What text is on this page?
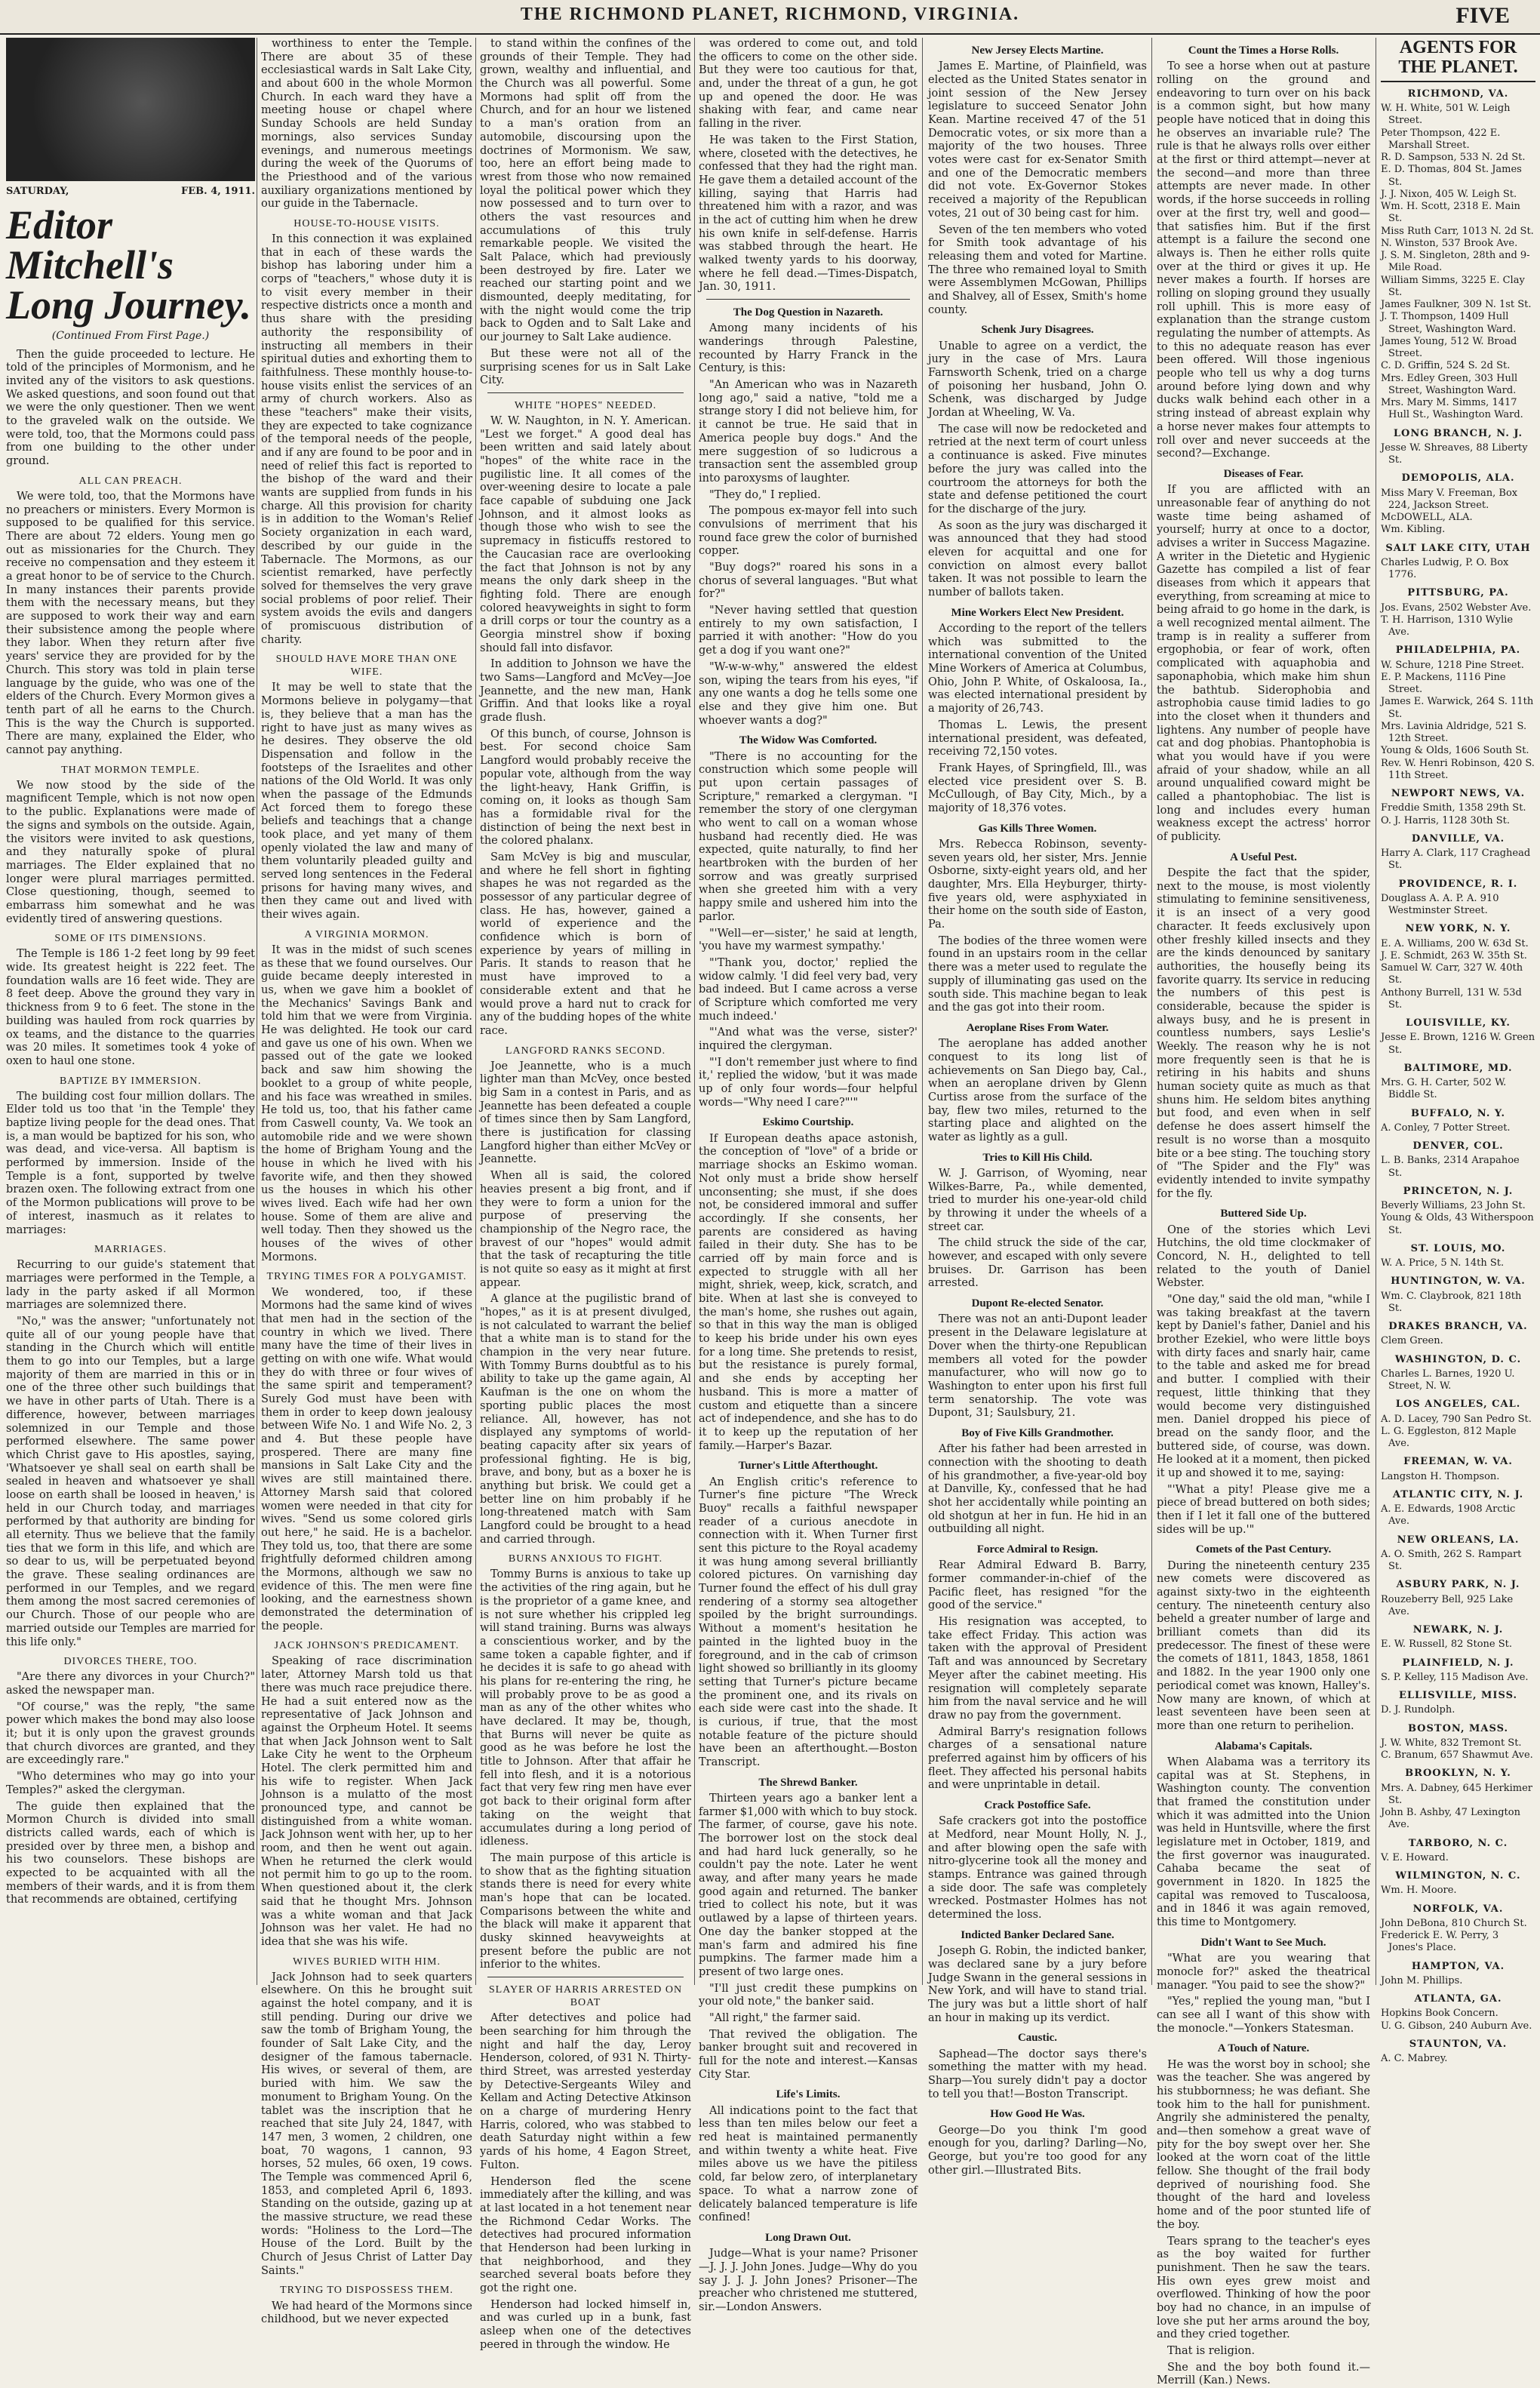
THE RICHMOND PLANET, RICHMOND, VIRGINIA.	FIVE
SATURDAY,	FEB. 4, 1911.
Editor Mitchell's Long Journey.
(Continued From First Page.)

Then the guide proceeded to lecture. He told of the principles of Mormonism, and he invited any of the visitors to ask questions. We asked questions, and soon found out that we were the only questioner. Then we went to the graveled walk on the outside. We were told, too, that the Mormons could pass from one building to the other under ground.

ALL CAN PREACH.

We were told, too, that the Mormons have no preachers or ministers. Every Mormon is supposed to be qualified for this service. There are about 72 elders. Young men go out as missionaries for the Church. They receive no compensation and they esteem it a great honor to be of service to the Church. In many instances their parents provide them with the necessary means, but they are supposed to work their way and earn their subsistence among the people where they labor. When they return after five years' service they are provided for by the Church. This story was told in plain terse language by the guide, who was one of the elders of the Church. Every Mormon gives a tenth part of all he earns to the Church. This is the way the Church is supported. There are many, explained the Elder, who cannot pay anything.

THAT MORMON TEMPLE.

We now stood by the side of the magnificent Temple, which is not now open to the public. Explanations were made of the signs and symbols on the outside. Again, the visitors were invited to ask questions, and they naturally spoke of plural marriages. The Elder explained that no longer were plural marriages permitted. Close questioning, though, seemed to embarrass him somewhat and he was evidently tired of answering questions.

SOME OF ITS DIMENSIONS.

The Temple is 186 1-2 feet long by 99 feet wide. Its greatest height is 222 feet. The foundation walls are 16 feet wide. They are 8 feet deep. Above the ground they vary in thickness from 9 to 6 feet. The stone in the building was hauled from rock quarries by ox teams, and the distance to the quarries was 20 miles. It sometimes took 4 yoke of oxen to haul one stone.

BAPTIZE BY IMMERSION.

The building cost four million dollars. The Elder told us too that 'in the Temple' they baptize living people for the dead ones. That is, a man would be baptized for his son, who was dead, and vice-versa. All baptism is performed by immersion. Inside of the Temple is a font, supported by twelve brazen oxen. The following extract from one of the Mormon publications will prove to be of interest, inasmuch as it relates to marriages:

MARRIAGES.

Recurring to our guide's statement that marriages were performed in the Temple, a lady in the party asked if all Mormon marriages are solemnized there.

"No," was the answer; "unfortunately not quite all of our young people have that standing in the Church which will entitle them to go into our Temples, but a large majority of them are married in this or in one of the three other such buildings that we have in other parts of Utah. There is a difference, however, between marriages solemnized in our Temple and those performed elsewhere. The same power which Christ gave to His apostles, saying, 'Whatsoever ye shall seal on earth shall be sealed in heaven and whatsoever ye shall loose on earth shall be loosed in heaven,' is held in our Church today, and marriages performed by that authority are binding for all eternity. Thus we believe that the family ties that we form in this life, and which are so dear to us, will be perpetuated beyond the grave. These sealing ordinances are performed in our Temples, and we regard them among the most sacred ceremonies of our Church. Those of our people who are married outside our Temples are married for this life only."

DIVORCES THERE, TOO.

"Are there any divorces in your Church?" asked the newspaper man.

"Of course," was the reply, "the same power which makes the bond may also loose it; but it is only upon the gravest grounds that church divorces are granted, and they are exceedingly rare."

"Who determines who may go into your Temples?" asked the clergyman.

The guide then explained that the Mormon Church is divided into small districts called wards, each of which is presided over by three men, a bishop and his two counselors. These bishops are expected to be acquainted with all the members of their wards, and it is from them that recommends are obtained, certifying

worthiness to enter the Temple. There are about 35 of these ecclesiastical wards in Salt Lake City, and about 600 in the whole Mormon Church. In each ward they have a meeting house or chapel where Sunday Schools are held Sunday mornings, also services Sunday evenings, and numerous meetings during the week of the Quorums of the Priesthood and of the various auxiliary organizations mentioned by our guide in the Tabernacle.

HOUSE-TO-HOUSE VISITS.

In this connection it was explained that in each of these wards the bishop has laboring under him a corps of "teachers," whose duty it is to visit every member in their respective districts once a month and thus share with the presiding authority the responsibility of instructing all members in their spiritual duties and exhorting them to faithfulness. These monthly house-to-house visits enlist the services of an army of church workers. Also as these "teachers" make their visits, they are expected to take cognizance of the temporal needs of the people, and if any are found to be poor and in need of relief this fact is reported to the bishop of the ward and their wants are supplied from funds in his charge. All this provision for charity is in addition to the Woman's Relief Society organization in each ward, described by our guide in the Tabernacle. The Mormons, as our scientist remarked, have perfectly solved for themselves the very grave social problems of poor relief. Their system avoids the evils and dangers of promiscuous distribution of charity.

SHOULD HAVE MORE THAN ONE WIFE.

It may be well to state that the Mormons believe in polygamy—that is, they believe that a man has the right to have just as many wives as he desires. They observe the old Dispensation and follow in the footsteps of the Israelites and other nations of the Old World. It was only when the passage of the Edmunds Act forced them to forego these beliefs and teachings that a change took place, and yet many of them openly violated the law and many of them voluntarily pleaded guilty and served long sentences in the Federal prisons for having many wives, and then they came out and lived with their wives again.

A VIRGINIA MORMON.

It was in the midst of such scenes as these that we found ourselves. Our guide became deeply interested in us, when we gave him a booklet of the Mechanics' Savings Bank and told him that we were from Virginia. He was delighted. He took our card and gave us one of his own. When we passed out of the gate we looked back and saw him showing the booklet to a group of white people, and his face was wreathed in smiles. He told us, too, that his father came from Caswell county, Va. We took an automobile ride and we were shown the home of Brigham Young and the house in which he lived with his favorite wife, and then they showed us the houses in which his other wives lived. Each wife had her own house. Some of them are alive and well today. Then they showed us the houses of the wives of other Mormons.

TRYING TIMES FOR A POLYGAMIST.

We wondered, too, if these Mormons had the same kind of wives that men had in the section of the country in which we lived. There many have the time of their lives in getting on with one wife. What would they do with three or four wives of the same spirit and temperament? Surely God must have been with them in order to keep down jealousy between Wife No. 1 and Wife No. 2, 3 and 4. But these people have prospered. There are many fine mansions in Salt Lake City and the wives are still maintained there. Attorney Marsh said that colored women were needed in that city for wives. "Send us some colored girls out here," he said. He is a bachelor. They told us, too, that there are some frightfully deformed children among the Mormons, although we saw no evidence of this. The men were fine looking, and the earnestness shown demonstrated the determination of the people.

JACK JOHNSON'S PREDICAMENT.

Speaking of race discrimination later, Attorney Marsh told us that there was much race prejudice there. He had a suit entered now as the representative of Jack Johnson and against the Orpheum Hotel. It seems that when Jack Johnson went to Salt Lake City he went to the Orpheum Hotel. The clerk permitted him and his wife to register. When Jack Johnson is a mulatto of the most pronounced type, and cannot be distinguished from a white woman. Jack Johnson went with her, up to her room, and then he went out again. When he returned the clerk would not permit him to go up to the room. When questioned about it, the clerk said that he thought Mrs. Johnson was a white woman and that Jack Johnson was her valet. He had no idea that she was his wife.

WIVES BURIED WITH HIM.

Jack Johnson had to seek quarters elsewhere. On this he brought suit against the hotel company, and it is still pending. During our drive we saw the tomb of Brigham Young, the founder of Salt Lake City, and the designer of the famous tabernacle. His wives, or several of them, are buried with him. We saw the monument to Brigham Young. On the tablet was the inscription that he reached that site July 24, 1847, with 147 men, 3 women, 2 children, one boat, 70 wagons, 1 cannon, 93 horses, 52 mules, 66 oxen, 19 cows. The Temple was commenced April 6, 1853, and completed April 6, 1893. Standing on the outside, gazing up at the massive structure, we read these words: "Holiness to the Lord—The House of the Lord. Built by the Church of Jesus Christ of Latter Day Saints."

TRYING TO DISPOSSESS THEM.

We had heard of the Mormons since childhood, but we never expected

to stand within the confines of the grounds of their Temple. They had grown, wealthy and influential, and the Church was all powerful. Some Mormons had split off from the Church, and for an hour we listened to a man's oration from an automobile, discoursing upon the doctrines of Mormonism. We saw, too, here an effort being made to wrest from those who now remained loyal the political power which they now possessed and to turn over to others the vast resources and accumulations of this truly remarkable people. We visited the Salt Palace, which had previously been destroyed by fire. Later we reached our starting point and we dismounted, deeply meditating, for with the night would come the trip back to Ogden and to Salt Lake and our journey to Salt Lake audience.

But these were not all of the surprising scenes for us in Salt Lake City.

WHITE "HOPES" NEEDED.

W. W. Naughton, in N. Y. American. "Lest we forget." A good deal has been written and said lately about "hopes" of the white race in the pugilistic line. It all comes of the over-weening desire to locate a pale face capable of subduing one Jack Johnson, and it almost looks as though those who wish to see the supremacy in fisticuffs restored to the Caucasian race are overlooking the fact that Johnson is not by any means the only dark sheep in the fighting fold. There are enough colored heavyweights in sight to form a drill corps or tour the country as a Georgia minstrel show if boxing should fall into disfavor.

In addition to Johnson we have the two Sams—Langford and McVey—Joe Jeannette, and the new man, Hank Griffin. And that looks like a royal grade flush.

Of this bunch, of course, Johnson is best. For second choice Sam Langford would probably receive the popular vote, although from the way the light-heavy, Hank Griffin, is coming on, it looks as though Sam has a formidable rival for the distinction of being the next best in the colored phalanx.

Sam McVey is big and muscular, and where he fell short in fighting shapes he was not regarded as the possessor of any particular degree of class. He has, however, gained a world of experience and the confidence which is born of experience by years of milling in Paris. It stands to reason that he must have improved to a considerable extent and that he would prove a hard nut to crack for any of the budding hopes of the white race.

LANGFORD RANKS SECOND.

Joe Jeannette, who is a much lighter man than McVey, once bested big Sam in a contest in Paris, and as Jeannette has been defeated a couple of times since then by Sam Langford, there is justification for classing Langford higher than either McVey or Jeannette.

When all is said, the colored heavies present a big front, and if they were to form a union for the purpose of preserving the championship of the Negro race, the bravest of our "hopes" would admit that the task of recapturing the title is not quite so easy as it might at first appear.

A glance at the pugilistic brand of "hopes," as it is at present divulged, is not calculated to warrant the belief that a white man is to stand for the champion in the very near future. With Tommy Burns doubtful as to his ability to take up the game again, Al Kaufman is the one on whom the sporting public places the most reliance. All, however, has not displayed any symptoms of world-beating capacity after six years of professional fighting. He is big, brave, and bony, but as a boxer he is anything but brisk. We could get a better line on him probably if he long-threatened match with Sam Langford could be brought to a head and carried through.

BURNS ANXIOUS TO FIGHT.

Tommy Burns is anxious to take up the activities of the ring again, but he is the proprietor of a game knee, and is not sure whether his crippled leg will stand training. Burns was always a conscientious worker, and by the same token a capable fighter, and if he decides it is safe to go ahead with his plans for re-entering the ring, he will probably prove to be as good a man as any of the other whites who have declared. It may be, though, that Burns will never be quite as good as he was before he lost the title to Johnson. After that affair he fell into flesh, and it is a notorious fact that very few ring men have ever got back to their original form after taking on the weight that accumulates during a long period of idleness.

The main purpose of this article is to show that as the fighting situation stands there is need for every white man's hope that can be located. Comparisons between the white and the black will make it apparent that dusky skinned heavyweights at present before the public are not inferior to the whites.

SLAYER OF HARRIS ARRESTED ON BOAT

After detectives and police had been searching for him through the night and half the day, Leroy Henderson, colored, of 931 N. Thirty-third Street, was arrested yesterday by Detective-Sergeants Wiley and Kellam and Acting Detective Atkinson on a charge of murdering Henry Harris, colored, who was stabbed to death Saturday night within a few yards of his home, 4 Eagon Street, Fulton.

Henderson fled the scene immediately after the killing, and was at last located in a hot tenement near the Richmond Cedar Works. The detectives had procured information that Henderson had been lurking in that neighborhood, and they searched several boats before they got the right one.

Henderson had locked himself in, and was curled up in a bunk, fast asleep when one of the detectives peered in through the window. He

was ordered to come out, and told the officers to come on the other side. But they were too cautious for that, and, under the threat of a gun, he got up and opened the door. He was shaking with fear, and came near falling in the river.

He was taken to the First Station, where, closeted with the detectives, he confessed that they had the right man. He gave them a detailed account of the killing, saying that Harris had threatened him with a razor, and was in the act of cutting him when he drew his own knife in self-defense. Harris was stabbed through the heart. He walked twenty yards to his doorway, where he fell dead.—Times-Dispatch, Jan. 30, 1911.

The Dog Question in Nazareth.

Among many incidents of his wanderings through Palestine, recounted by Harry Franck in the Century, is this:

"An American who was in Nazareth long ago," said a native, "told me a strange story I did not believe him, for it cannot be true. He said that in America people buy dogs." And the mere suggestion of so ludicrous a transaction sent the assembled group into paroxysms of laughter.

"They do," I replied.

The pompous ex-mayor fell into such convulsions of merriment that his round face grew the color of burnished copper.

"Buy dogs?" roared his sons in a chorus of several languages. "But what for?"

"Never having settled that question entirely to my own satisfaction, I parried it with another: "How do you get a dog if you want one?"

"W-w-w-why," answered the eldest son, wiping the tears from his eyes, "if any one wants a dog he tells some one else and they give him one. But whoever wants a dog?"

The Widow Was Comforted.

"There is no accounting for the construction which some people will put upon certain passages of Scripture," remarked a clergyman. "I remember the story of one clergyman who went to call on a woman whose husband had recently died. He was expected, quite naturally, to find her heartbroken with the burden of her sorrow and was greatly surprised when she greeted him with a very happy smile and ushered him into the parlor.

"'Well—er—sister,' he said at length, 'you have my warmest sympathy.'

"'Thank you, doctor,' replied the widow calmly. 'I did feel very bad, very bad indeed. But I came across a verse of Scripture which comforted me very much indeed.'

"'And what was the verse, sister?' inquired the clergyman.

"'I don't remember just where to find it,' replied the widow, 'but it was made up of only four words—four helpful words—"Why need I care?"'"

Eskimo Courtship.

If European deaths apace astonish, the conception of "love" of a bride or marriage shocks an Eskimo woman. Not only must a bride show herself unconsenting; she must, if she does not, be considered immoral and suffer accordingly. If she consents, her parents are considered as having failed in their duty. She has to be carried off by main force and is expected to struggle with all her might, shriek, weep, kick, scratch, and bite. When at last she is conveyed to the man's home, she rushes out again, so that in this way the man is obliged to keep his bride under his own eyes for a long time. She pretends to resist, but the resistance is purely formal, and she ends by accepting her husband. This is more a matter of custom and etiquette than a sincere act of independence, and she has to do it to keep up the reputation of her family.—Harper's Bazar.

Turner's Little Afterthought.

An English critic's reference to Turner's fine picture "The Wreck Buoy" recalls a faithful newspaper reader of a curious anecdote in connection with it. When Turner first sent this picture to the Royal academy it was hung among several brilliantly colored pictures. On varnishing day Turner found the effect of his dull gray rendering of a stormy sea altogether spoiled by the bright surroundings. Without a moment's hesitation he painted in the lighted buoy in the foreground, and in the cab of crimson light showed so brilliantly in its gloomy setting that Turner's picture became the prominent one, and its rivals on each side were cast into the shade. It is curious, if true, that the most notable feature of the picture should have been an afterthought.—Boston Transcript.

The Shrewd Banker.

Thirteen years ago a banker lent a farmer $1,000 with which to buy stock. The farmer, of course, gave his note. The borrower lost on the stock deal and had hard luck generally, so he couldn't pay the note. Later he went away, and after many years he made good again and returned. The banker tried to collect his note, but it was outlawed by a lapse of thirteen years. One day the banker stopped at the man's farm and admired his fine pumpkins. The farmer made him a present of two large ones.

"I'll just credit these pumpkins on your old note," the banker said.

"All right," the farmer said.

That revived the obligation. The banker brought suit and recovered in full for the note and interest.—Kansas City Star.

Life's Limits.

All indications point to the fact that less than ten miles below our feet a red heat is maintained permanently and within twenty a white heat. Five miles above us we have the pitiless cold, far below zero, of interplanetary space. To what a narrow zone of delicately balanced temperature is life confined!

Long Drawn Out.

Judge—What is your name? Prisoner—J. J. J. John Jones. Judge—Why do you say J. J. J. John Jones? Prisoner—The preacher who christened me stuttered, sir.—London Answers.

New Jersey Elects Martine.

James E. Martine, of Plainfield, was elected as the United States senator in joint session of the New Jersey legislature to succeed Senator John Kean. Martine received 47 of the 51 Democratic votes, or six more than a majority of the two houses. Three votes were cast for ex-Senator Smith and one of the Democratic members did not vote. Ex-Governor Stokes received a majority of the Republican votes, 21 out of 30 being cast for him.

Seven of the ten members who voted for Smith took advantage of his releasing them and voted for Martine. The three who remained loyal to Smith were Assemblymen McGowan, Phillips and Shalvey, all of Essex, Smith's home county.

Schenk Jury Disagrees.

Unable to agree on a verdict, the jury in the case of Mrs. Laura Farnsworth Schenk, tried on a charge of poisoning her husband, John O. Schenk, was discharged by Judge Jordan at Wheeling, W. Va.

The case will now be redocketed and retried at the next term of court unless a continuance is asked. Five minutes before the jury was called into the courtroom the attorneys for both the state and defense petitioned the court for the discharge of the jury.

As soon as the jury was discharged it was announced that they had stood eleven for acquittal and one for conviction on almost every ballot taken. It was not possible to learn the number of ballots taken.

Mine Workers Elect New President.

According to the report of the tellers which was submitted to the international convention of the United Mine Workers of America at Columbus, Ohio, John P. White, of Oskaloosa, Ia., was elected international president by a majority of 26,743.

Thomas L. Lewis, the present international president, was defeated, receiving 72,150 votes.

Frank Hayes, of Springfield, Ill., was elected vice president over S. B. McCullough, of Bay City, Mich., by a majority of 18,376 votes.

Gas Kills Three Women.

Mrs. Rebecca Robinson, seventy-seven years old, her sister, Mrs. Jennie Osborne, sixty-eight years old, and her daughter, Mrs. Ella Heyburger, thirty-five years old, were asphyxiated in their home on the south side of Easton, Pa.

The bodies of the three women were found in an upstairs room in the cellar there was a meter used to regulate the supply of illuminating gas used on the south side. This machine began to leak and the gas got into their room.

Aeroplane Rises From Water.

The aeroplane has added another conquest to its long list of achievements on San Diego bay, Cal., when an aeroplane driven by Glenn Curtiss arose from the surface of the bay, flew two miles, returned to the starting place and alighted on the water as lightly as a gull.

Tries to Kill His Child.

W. J. Garrison, of Wyoming, near Wilkes-Barre, Pa., while demented, tried to murder his one-year-old child by throwing it under the wheels of a street car.

The child struck the side of the car, however, and escaped with only severe bruises. Dr. Garrison has been arrested.

Dupont Re-elected Senator.

There was not an anti-Dupont leader present in the Delaware legislature at Dover when the thirty-one Republican members all voted for the powder manufacturer, who will now go to Washington to enter upon his first full term senatorship. The vote was Dupont, 31; Saulsbury, 21.

Boy of Five Kills Grandmother.

After his father had been arrested in connection with the shooting to death of his grandmother, a five-year-old boy at Danville, Ky., confessed that he had shot her accidentally while pointing an old shotgun at her in fun. He hid in an outbuilding all night.

Force Admiral to Resign.

Rear Admiral Edward B. Barry, former commander-in-chief of the Pacific fleet, has resigned "for the good of the service."

His resignation was accepted, to take effect Friday. This action was taken with the approval of President Taft and was announced by Secretary Meyer after the cabinet meeting. His resignation will completely separate him from the naval service and he will draw no pay from the government.

Admiral Barry's resignation follows charges of a sensational nature preferred against him by officers of his fleet. They affected his personal habits and were unprintable in detail.

Crack Postoffice Safe.

Safe crackers got into the postoffice at Medford, near Mount Holly, N. J., and after blowing open the safe with nitro-glycerine took all the money and stamps. Entrance was gained through a side door. The safe was completely wrecked. Postmaster Holmes has not determined the loss.

Indicted Banker Declared Sane.

Joseph G. Robin, the indicted banker, was declared sane by a jury before Judge Swann in the general sessions in New York, and will have to stand trial. The jury was but a little short of half an hour in making up its verdict.

Caustic.

Saphead—The doctor says there's something the matter with my head. Sharp—You surely didn't pay a doctor to tell you that!—Boston Transcript.

How Good He Was.

George—Do you think I'm good enough for you, darling? Darling—No, George, but you're too good for any other girl.—Illustrated Bits.

Count the Times a Horse Rolls.

To see a horse when out at pasture rolling on the ground and endeavoring to turn over on his back is a common sight, but how many people have noticed that in doing this he observes an invariable rule? The rule is that he always rolls over either at the first or third attempt—never at the second—and more than three attempts are never made. In other words, if the horse succeeds in rolling over at the first try, well and good—that satisfies him. But if the first attempt is a failure the second one always is. Then he either rolls quite over at the third or gives it up. He never makes a fourth. If horses are rolling on sloping ground they usually roll uphill. This is more easy of explanation than the strange custom regulating the number of attempts. As to this no adequate reason has ever been offered. Will those ingenious people who tell us why a dog turns around before lying down and why ducks walk behind each other in a string instead of abreast explain why a horse never makes four attempts to roll over and never succeeds at the second?—Exchange.

Diseases of Fear.

If you are afflicted with an unreasonable fear of anything do not waste time being ashamed of yourself; hurry at once to a doctor, advises a writer in Success Magazine. A writer in the Dietetic and Hygienic Gazette has compiled a list of fear diseases from which it appears that everything, from screaming at mice to being afraid to go home in the dark, is a well recognized mental ailment. The tramp is in reality a sufferer from ergophobia, or fear of work, often complicated with aquaphobia and saponaphobia, which make him shun the bathtub. Siderophobia and astrophobia cause timid ladies to go into the closet when it thunders and lightens. Any number of people have cat and dog phobias. Phantophobia is what you would have if you were afraid of your shadow, while an all around unqualified coward might be called a phantophobiac. The list is long and includes every human weakness except the actress' horror of publicity.

A Useful Pest.

Despite the fact that the spider, next to the mouse, is most violently stimulating to feminine sensitiveness, it is an insect of a very good character. It feeds exclusively upon other freshly killed insects and they are the kinds denounced by sanitary authorities, the housefly being its favorite quarry. Its service in reducing the numbers of this pest is considerable, because the spider is always busy, and he is present in countless numbers, says Leslie's Weekly. The reason why he is not more frequently seen is that he is retiring in his habits and shuns human society quite as much as that shuns him. He seldom bites anything but food, and even when in self defense he does assert himself the result is no worse than a mosquito bite or a bee sting. The touching story of "The Spider and the Fly" was evidently intended to invite sympathy for the fly.

Buttered Side Up.

One of the stories which Levi Hutchins, the old time clockmaker of Concord, N. H., delighted to tell related to the youth of Daniel Webster.

"One day," said the old man, "while I was taking breakfast at the tavern kept by Daniel's father, Daniel and his brother Ezekiel, who were little boys with dirty faces and snarly hair, came to the table and asked me for bread and butter. I complied with their request, little thinking that they would become very distinguished men. Daniel dropped his piece of bread on the sandy floor, and the buttered side, of course, was down. He looked at it a moment, then picked it up and showed it to me, saying:

"'What a pity! Please give me a piece of bread buttered on both sides; then if I let it fall one of the buttered sides will be up.'"

Comets of the Past Century.

During the nineteenth century 235 new comets were discovered as against sixty-two in the eighteenth century. The nineteenth century also beheld a greater number of large and brilliant comets than did its predecessor. The finest of these were the comets of 1811, 1843, 1858, 1861 and 1882. In the year 1900 only one periodical comet was known, Halley's. Now many are known, of which at least seventeen have been seen at more than one return to perihelion.

Alabama's Capitals.

When Alabama was a territory its capital was at St. Stephens, in Washington county. The convention that framed the constitution under which it was admitted into the Union was held in Huntsville, where the first legislature met in October, 1819, and the first governor was inaugurated. Cahaba became the seat of government in 1820. In 1825 the capital was removed to Tuscaloosa, and in 1846 it was again removed, this time to Montgomery.

Didn't Want to See Much.

"What are you wearing that monocle for?" asked the theatrical manager. "You paid to see the show?"

"Yes," replied the young man, "but I can see all I want of this show with the monocle."—Yonkers Statesman.

A Touch of Nature.

He was the worst boy in school; she was the teacher. She was angered by his stubbornness; he was defiant. She took him to the hall for punishment. Angrily she administered the penalty, and—then somehow a great wave of pity for the boy swept over her. She looked at the worn coat of the little fellow. She thought of the frail body deprived of nourishing food. She thought of the hard and loveless home and of the poor stunted life of the boy.

Tears sprang to the teacher's eyes as the boy waited for further punishment. Then he saw the tears. His own eyes grew moist and overflowed. Thinking of how the poor boy had no chance, in an impulse of love she put her arms around the boy, and they cried together.

That is religion.

She and the boy both found it.—Merrill (Kan.) News.

AGENTS FOR THE PLANET.
RICHMOND, VA.
W. H. White, 501 W. Leigh Street.
Peter Thompson, 422 E. Marshall Street.
R. D. Sampson, 533 N. 2d St.
E. D. Thomas, 804 St. James St.
J. J. Nixon, 405 W. Leigh St.
Wm. H. Scott, 2318 E. Main St.
Miss Ruth Carr, 1013 N. 2d St.
N. Winston, 537 Brook Ave.
J. S. M. Singleton, 28th and 9-Mile Road.
William Simms, 3225 E. Clay St.
James Faulkner, 309 N. 1st St.
J. T. Thompson, 1409 Hull Street, Washington Ward.
James Young, 512 W. Broad Street.
C. D. Griffin, 524 S. 2d St.
Mrs. Edley Green, 303 Hull Street, Washington Ward.
Mrs. Mary M. Simms, 1417 Hull St., Washington Ward.
LONG BRANCH, N. J.
Jesse W. Shreaves, 88 Liberty St.
DEMOPOLIS, ALA.
Miss Mary V. Freeman, Box 224, Jackson Street.
McDOWELL, ALA.
Wm. Kibling.
SALT LAKE CITY, UTAH
Charles Ludwig, P. O. Box 1776.
PITTSBURG, PA.
Jos. Evans, 2502 Webster Ave.
T. H. Harrison, 1310 Wylie Ave.
PHILADELPHIA, PA.
W. Schure, 1218 Pine Street.
E. P. Mackens, 1116 Pine Street.
James E. Warwick, 264 S. 11th St.
Mrs. Lavinia Aldridge, 521 S. 12th Street.
Young & Olds, 1606 South St.
Rev. W. Henri Robinson, 420 S. 11th Street.
NEWPORT NEWS, VA.
Freddie Smith, 1358 29th St.
O. J. Harris, 1128 30th St.
DANVILLE, VA.
Harry A. Clark, 117 Craghead St.
PROVIDENCE, R. I.
Douglass A. A. P. A. 910 Westminster Street.
NEW YORK, N. Y.
E. A. Williams, 200 W. 63d St.
J. E. Schmidt, 263 W. 35th St.
Samuel W. Carr, 327 W. 40th St.
Anthony Burrell, 131 W. 53d St.
LOUISVILLE, KY.
Jesse E. Brown, 1216 W. Green St.
BALTIMORE, MD.
Mrs. G. H. Carter, 502 W. Biddle St.
BUFFALO, N. Y.
A. Conley, 7 Potter Street.
DENVER, COL.
L. B. Banks, 2314 Arapahoe St.
PRINCETON, N. J.
Beverly Williams, 23 John St.
Young & Olds, 43 Witherspoon St.
ST. LOUIS, MO.
W. A. Price, 5 N. 14th St.
HUNTINGTON, W. VA.
Wm. C. Claybrook, 821 18th St.
DRAKES BRANCH, VA.
Clem Green.
WASHINGTON, D. C.
Charles L. Barnes, 1920 U. Street, N. W.
LOS ANGELES, CAL.
A. D. Lacey, 790 San Pedro St.
L. G. Eggleston, 812 Maple Ave.
FREEMAN, W. VA.
Langston H. Thompson.
ATLANTIC CITY, N. J.
A. E. Edwards, 1908 Arctic Ave.
NEW ORLEANS, LA.
A. O. Smith, 262 S. Rampart St.
ASBURY PARK, N. J.
Rouzeberry Bell, 925 Lake Ave.
NEWARK, N. J.
E. W. Russell, 82 Stone St.
PLAINFIELD, N. J.
S. P. Kelley, 115 Madison Ave.
ELLISVILLE, MISS.
D. J. Rundolph.
BOSTON, MASS.
J. W. White, 832 Tremont St.
C. Branum, 657 Shawmut Ave.
BROOKLYN, N. Y.
Mrs. A. Dabney, 645 Herkimer St.
John B. Ashby, 47 Lexington Ave.
TARBORO, N. C.
V. E. Howard.
WILMINGTON, N. C.
Wm. H. Moore.
NORFOLK, VA.
John DeBona, 810 Church St.
Frederick E. W. Perry, 3 Jones's Place.
HAMPTON, VA.
John M. Phillips.
ATLANTA, GA.
Hopkins Book Concern.
U. G. Gibson, 240 Auburn Ave.
STAUNTON, VA.
A. C. Mabrey.
